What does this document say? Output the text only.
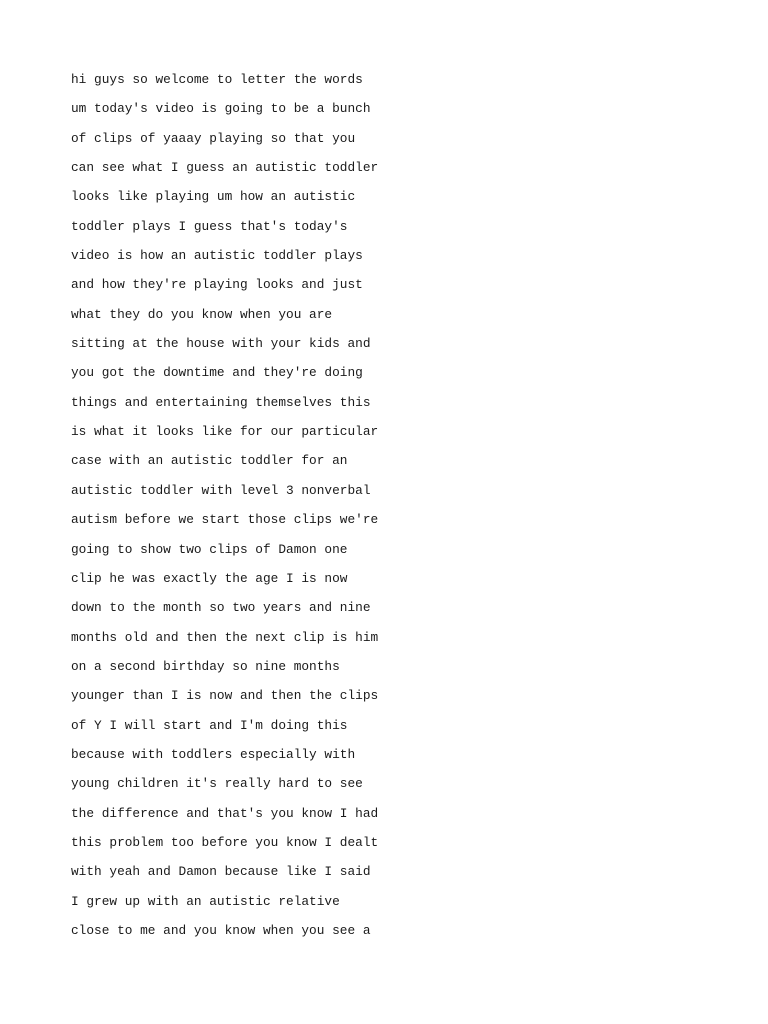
hi guys so welcome to letter the words
um today's video is going to be a bunch
of clips of yaaay playing so that you
can see what I guess an autistic toddler
looks like playing um how an autistic
toddler plays I guess that's today's
video is how an autistic toddler plays
and how they're playing looks and just
what they do you know when you are
sitting at the house with your kids and
you got the downtime and they're doing
things and entertaining themselves this
is what it looks like for our particular
case with an autistic toddler for an
autistic toddler with level 3 nonverbal
autism before we start those clips we're
going to show two clips of Damon one
clip he was exactly the age I is now
down to the month so two years and nine
months old and then the next clip is him
on a second birthday so nine months
younger than I is now and then the clips
of Y I will start and I'm doing this
because with toddlers especially with
young children it's really hard to see
the difference and that's you know I had
this problem too before you know I dealt
with yeah and Damon because like I said
I grew up with an autistic relative
close to me and you know when you see a
